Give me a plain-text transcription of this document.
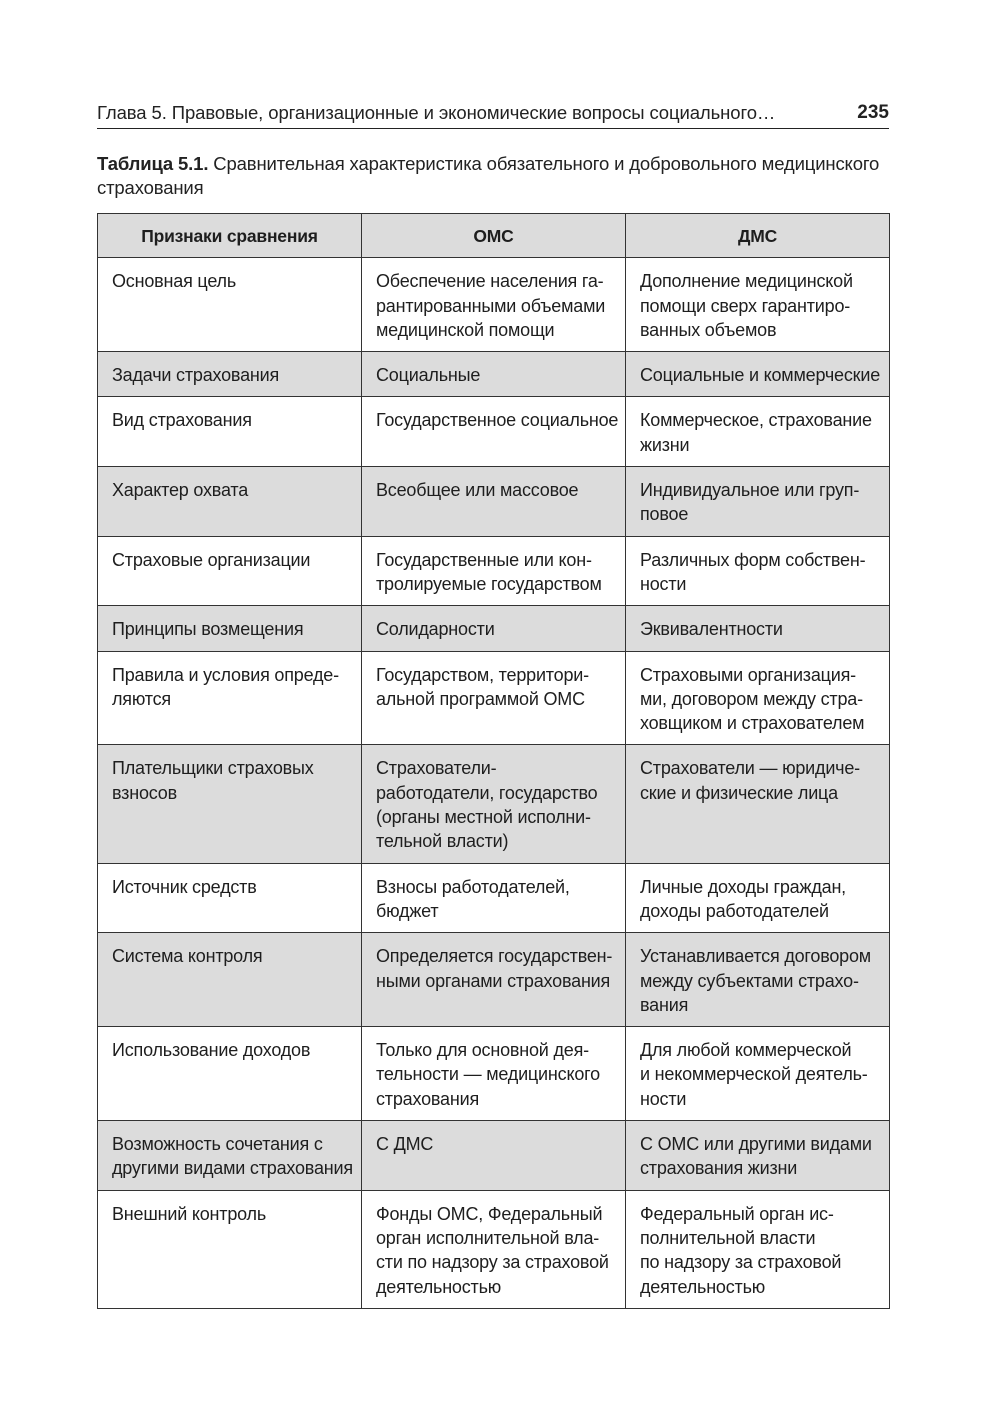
Глава 5. Правовые, организационные и экономические вопросы социального…	235
Таблица 5.1. Сравнительная характеристика обязательного и добровольного медицинского страхования
Признаки сравнения	ОМС	ДМС

Основная цель	Обеспечение населения га-
рантированными объемами
медицинской помощи	Дополнение медицинской
помощи сверх гарантиро-
ванных объемов

Задачи страхования	Социальные	Социальные и коммерческие

Вид страхования	Государственное социальное	Коммерческое, страхование
жизни

Характер охвата	Всеобщее или массовое	Индивидуальное или груп-
повое

Страховые организации	Государственные или кон-
тролируемые государством	Различных форм собствен-
ности

Принципы возмещения	Солидарности	Эквивалентности

Правила и условия опреде-
ляются	Государством, территори-
альной программой ОМС	Страховыми организация-
ми, договором между стра-
ховщиком и страхователем

Плательщики страховых
взносов	Страхователи-
работодатели, государство
(органы местной исполни-
тельной власти)	Страхователи — юридиче-
ские и физические лица

Источник средств	Взносы работодателей,
бюджет	Личные доходы граждан,
доходы работодателей

Система контроля	Определяется государствен-
ными органами страхования	Устанавливается договором
между субъектами страхо-
вания

Использование доходов	Только для основной дея-
тельности — медицинского
страхования	Для любой коммерческой
и некоммерческой деятель-
ности

Возможность сочетания с
другими видами страхования	С ДМС	С ОМС или другими видами
страхования жизни

Внешний контроль	Фонды ОМС, Федеральный
орган исполнительной вла-
сти по надзору за страховой
деятельностью	Федеральный орган ис-
полнительной власти
по надзору за страховой
деятельностью
